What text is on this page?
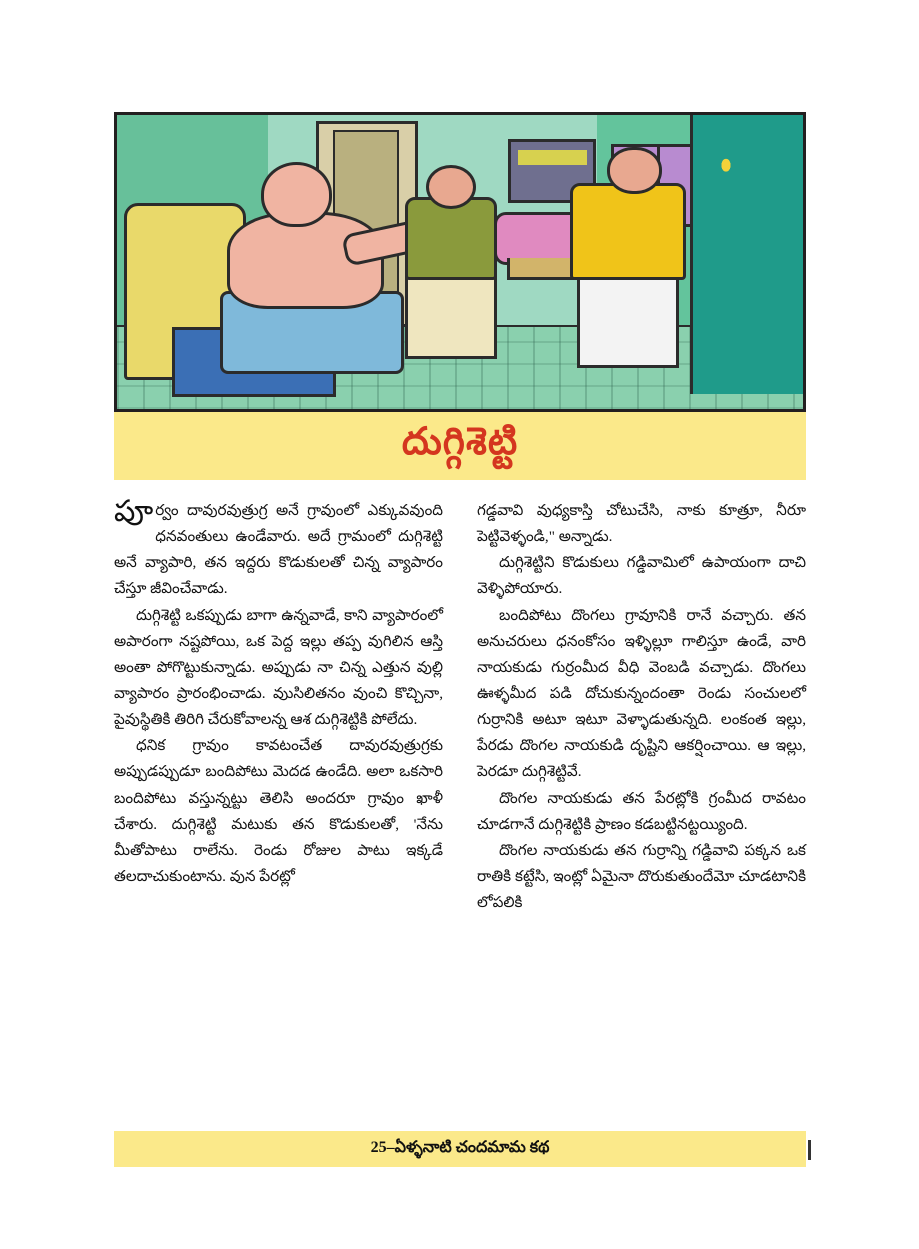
దుగ్గిశెట్టి

పూర్వం దావురవుత్రుగ్ర అనే గ్రావుంలో ఎక్కువవుంది ధనవంతులు ఉండేవారు. అదే గ్రామంలో దుగ్గిశెట్టి అనే వ్యాపారి, తన ఇద్దరు కొడుకులతో చిన్న వ్యాపారం చేస్తూ జీవించేవాడు.

దుగ్గిశెట్టి ఒకప్పుడు బాగా ఉన్నవాడే, కాని వ్యాపారంలో అపారంగా నష్టపోయి, ఒక పెద్ద ఇల్లు తప్ప వుగిలిన ఆస్తి అంతా పోగొట్టుకున్నాడు. అప్పుడు నా చిన్న ఎత్తున వుల్లి వ్యాపారం ప్రారంభించాడు. వుుసిలితనం వుంచి కొచ్చినా, పైవుస్థితికి తిరిగి చేరుకోవాలన్న ఆశ దుగ్గిశెట్టికి పోలేదు.

ధనిక గ్రావుం కావటంచేత దావురవుత్రుగ్రకు అప్పుడప్పుడూ బందిపోటు వెుదడ ఉండేది. అలా ఒకసారి బందిపోటు వస్తున్నట్టు తెలిసి అందరూ గ్రావుం ఖాళీ చేశారు. దుగ్గిశెట్టి మటుకు తన కొడుకులతో, 'నేను వీుతోపాటు రాలేను. రెండు రోజుల పాటు ఇక్కడే తలదాచుకుంటాను. వున పేరట్లో

గడ్డవావి వుధ్యకాస్తి చోటుచేసి, నాకు కూత్రూ, నీరూ పెట్టివెళ్ళండి," అన్నాడు.

దుగ్గిశెట్టిని కొడుకులు గడ్డివామిలో ఉపాయంగా దాచి వెళ్ళిపోయారు.

బందిపోటు దొంగలు గ్రావూనికి రానే వచ్చారు. తన అనుచరులు ధనంకోసం ఇళ్ళిల్లూ గాలిస్తూ ఉండే, వారి నాయకుడు గుర్రంమీద వీధి వెంబడి వచ్చాడు. దొంగలు ఊళ్ళవీుద పడి దోచుకున్నందంతా రెండు సంచులలో గుర్రానికి అటూ ఇటూ వెళ్ళాడుతున్నది. లంకంత ఇల్లు, పేరడు దొంగల నాయకుడి దృష్టిని ఆకర్షించాయి. ఆ ఇల్లు, పెరడూ దుగ్గిశెట్టివే.

దొంగల నాయకుడు తన పేరట్లోకి గ్రంమీద రావటం చూడగానే దుగ్గిశెట్టికి ప్రాణం కడబట్టినట్టయ్యింది.

దొంగల నాయకుడు తన గుర్రాన్ని గడ్డివావి పక్కన ఒక రాతికి కట్టేసి, ఇంట్లో ఏమైనా దొరుకుతుందేమో చూడటానికి లోపలికి

25–ఏళ్ళనాటి చందమామ కథ
